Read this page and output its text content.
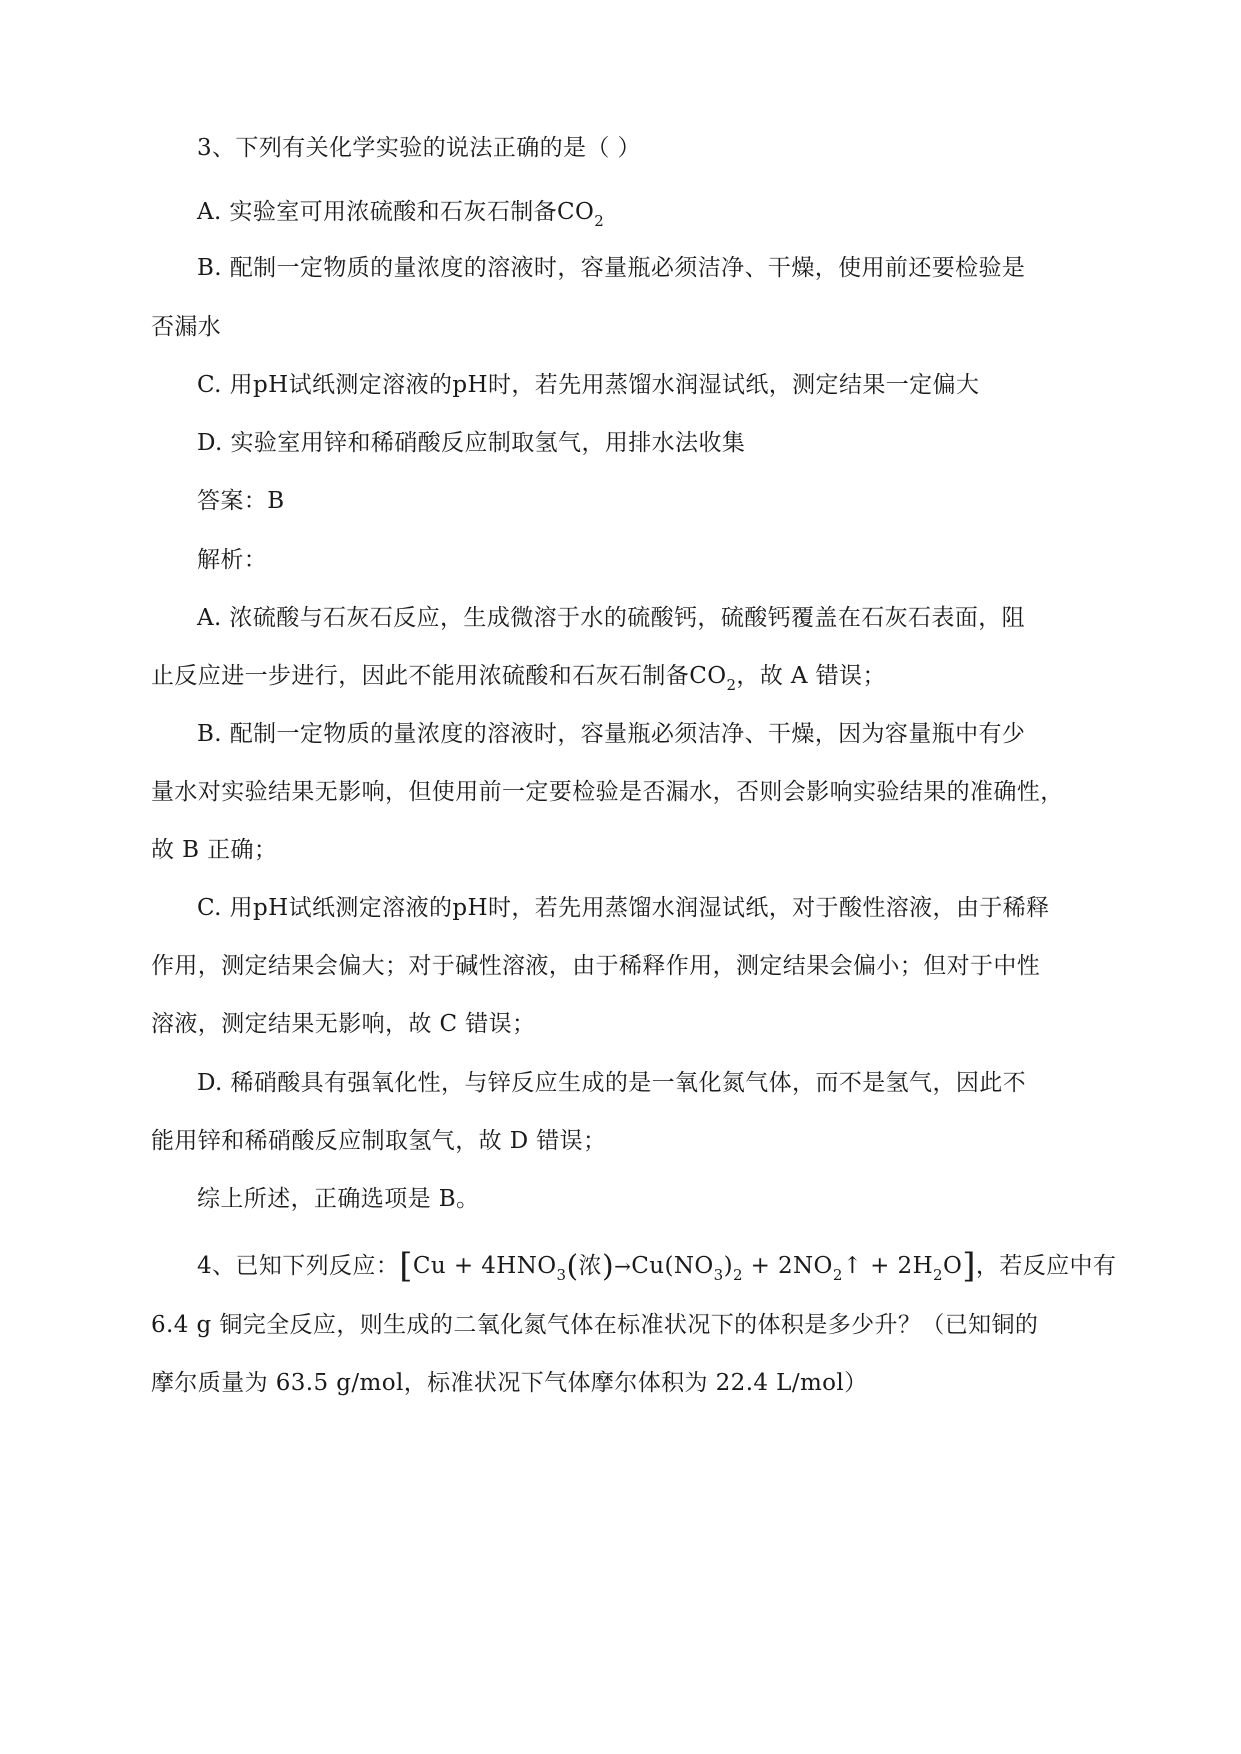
3、下列有关化学实验的说法正确的是（ ）
A. 实验室可用浓硫酸和石灰石制备$CO_2$
B. 配制一定物质的量浓度的溶液时，容量瓶必须洁净、干燥，使用前还要检验是
否漏水
C. 用pH试纸测定溶液的pH时，若先用蒸馏水润湿试纸，测定结果一定偏大
D. 实验室用锌和稀硝酸反应制取氢气，用排水法收集
答案：B
解析：
A. 浓硫酸与石灰石反应，生成微溶于水的硫酸钙，硫酸钙覆盖在石灰石表面，阻
止反应进一步进行，因此不能用浓硫酸和石灰石制备$CO_2$，故 A 错误；
B. 配制一定物质的量浓度的溶液时，容量瓶必须洁净、干燥，因为容量瓶中有少
量水对实验结果无影响，但使用前一定要检验是否漏水，否则会影响实验结果的准确性，
故 B 正确；
C. 用pH试纸测定溶液的pH时，若先用蒸馏水润湿试纸，对于酸性溶液，由于稀释
作用，测定结果会偏大；对于碱性溶液，由于稀释作用，测定结果会偏小；但对于中性
溶液，测定结果无影响，故 C 错误；
D. 稀硝酸具有强氧化性，与锌反应生成的是一氧化氮气体，而不是氢气，因此不
能用锌和稀硝酸反应制取氢气，故 D 错误；
综上所述，正确选项是 B。
4、已知下列反应：[$Cu + 4HNO_3$(浓)$\to Cu(NO_3)_2$ + $2NO_2↑ + 2H_2O$]，若反应中有
6.4 g 铜完全反应，则生成的二氧化氮气体在标准状况下的体积是多少升？（已知铜的
摩尔质量为 63.5 g/mol，标准状况下气体摩尔体积为 22.4 L/mol）
